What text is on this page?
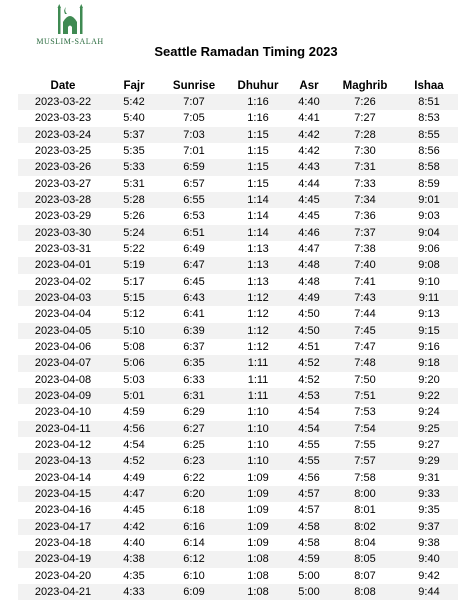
MUSLIM-SALAH
Seattle Ramadan Timing 2023
Date	Fajr	Sunrise	Dhuhur	Asr	Maghrib	Ishaa
2023-03-22	5:42	7:07	1:16	4:40	7:26	8:51
2023-03-23	5:40	7:05	1:16	4:41	7:27	8:53
2023-03-24	5:37	7:03	1:15	4:42	7:28	8:55
2023-03-25	5:35	7:01	1:15	4:42	7:30	8:56
2023-03-26	5:33	6:59	1:15	4:43	7:31	8:58
2023-03-27	5:31	6:57	1:15	4:44	7:33	8:59
2023-03-28	5:28	6:55	1:14	4:45	7:34	9:01
2023-03-29	5:26	6:53	1:14	4:45	7:36	9:03
2023-03-30	5:24	6:51	1:14	4:46	7:37	9:04
2023-03-31	5:22	6:49	1:13	4:47	7:38	9:06
2023-04-01	5:19	6:47	1:13	4:48	7:40	9:08
2023-04-02	5:17	6:45	1:13	4:48	7:41	9:10
2023-04-03	5:15	6:43	1:12	4:49	7:43	9:11
2023-04-04	5:12	6:41	1:12	4:50	7:44	9:13
2023-04-05	5:10	6:39	1:12	4:50	7:45	9:15
2023-04-06	5:08	6:37	1:12	4:51	7:47	9:16
2023-04-07	5:06	6:35	1:11	4:52	7:48	9:18
2023-04-08	5:03	6:33	1:11	4:52	7:50	9:20
2023-04-09	5:01	6:31	1:11	4:53	7:51	9:22
2023-04-10	4:59	6:29	1:10	4:54	7:53	9:24
2023-04-11	4:56	6:27	1:10	4:54	7:54	9:25
2023-04-12	4:54	6:25	1:10	4:55	7:55	9:27
2023-04-13	4:52	6:23	1:10	4:55	7:57	9:29
2023-04-14	4:49	6:22	1:09	4:56	7:58	9:31
2023-04-15	4:47	6:20	1:09	4:57	8:00	9:33
2023-04-16	4:45	6:18	1:09	4:57	8:01	9:35
2023-04-17	4:42	6:16	1:09	4:58	8:02	9:37
2023-04-18	4:40	6:14	1:09	4:58	8:04	9:38
2023-04-19	4:38	6:12	1:08	4:59	8:05	9:40
2023-04-20	4:35	6:10	1:08	5:00	8:07	9:42
2023-04-21	4:33	6:09	1:08	5:00	8:08	9:44
